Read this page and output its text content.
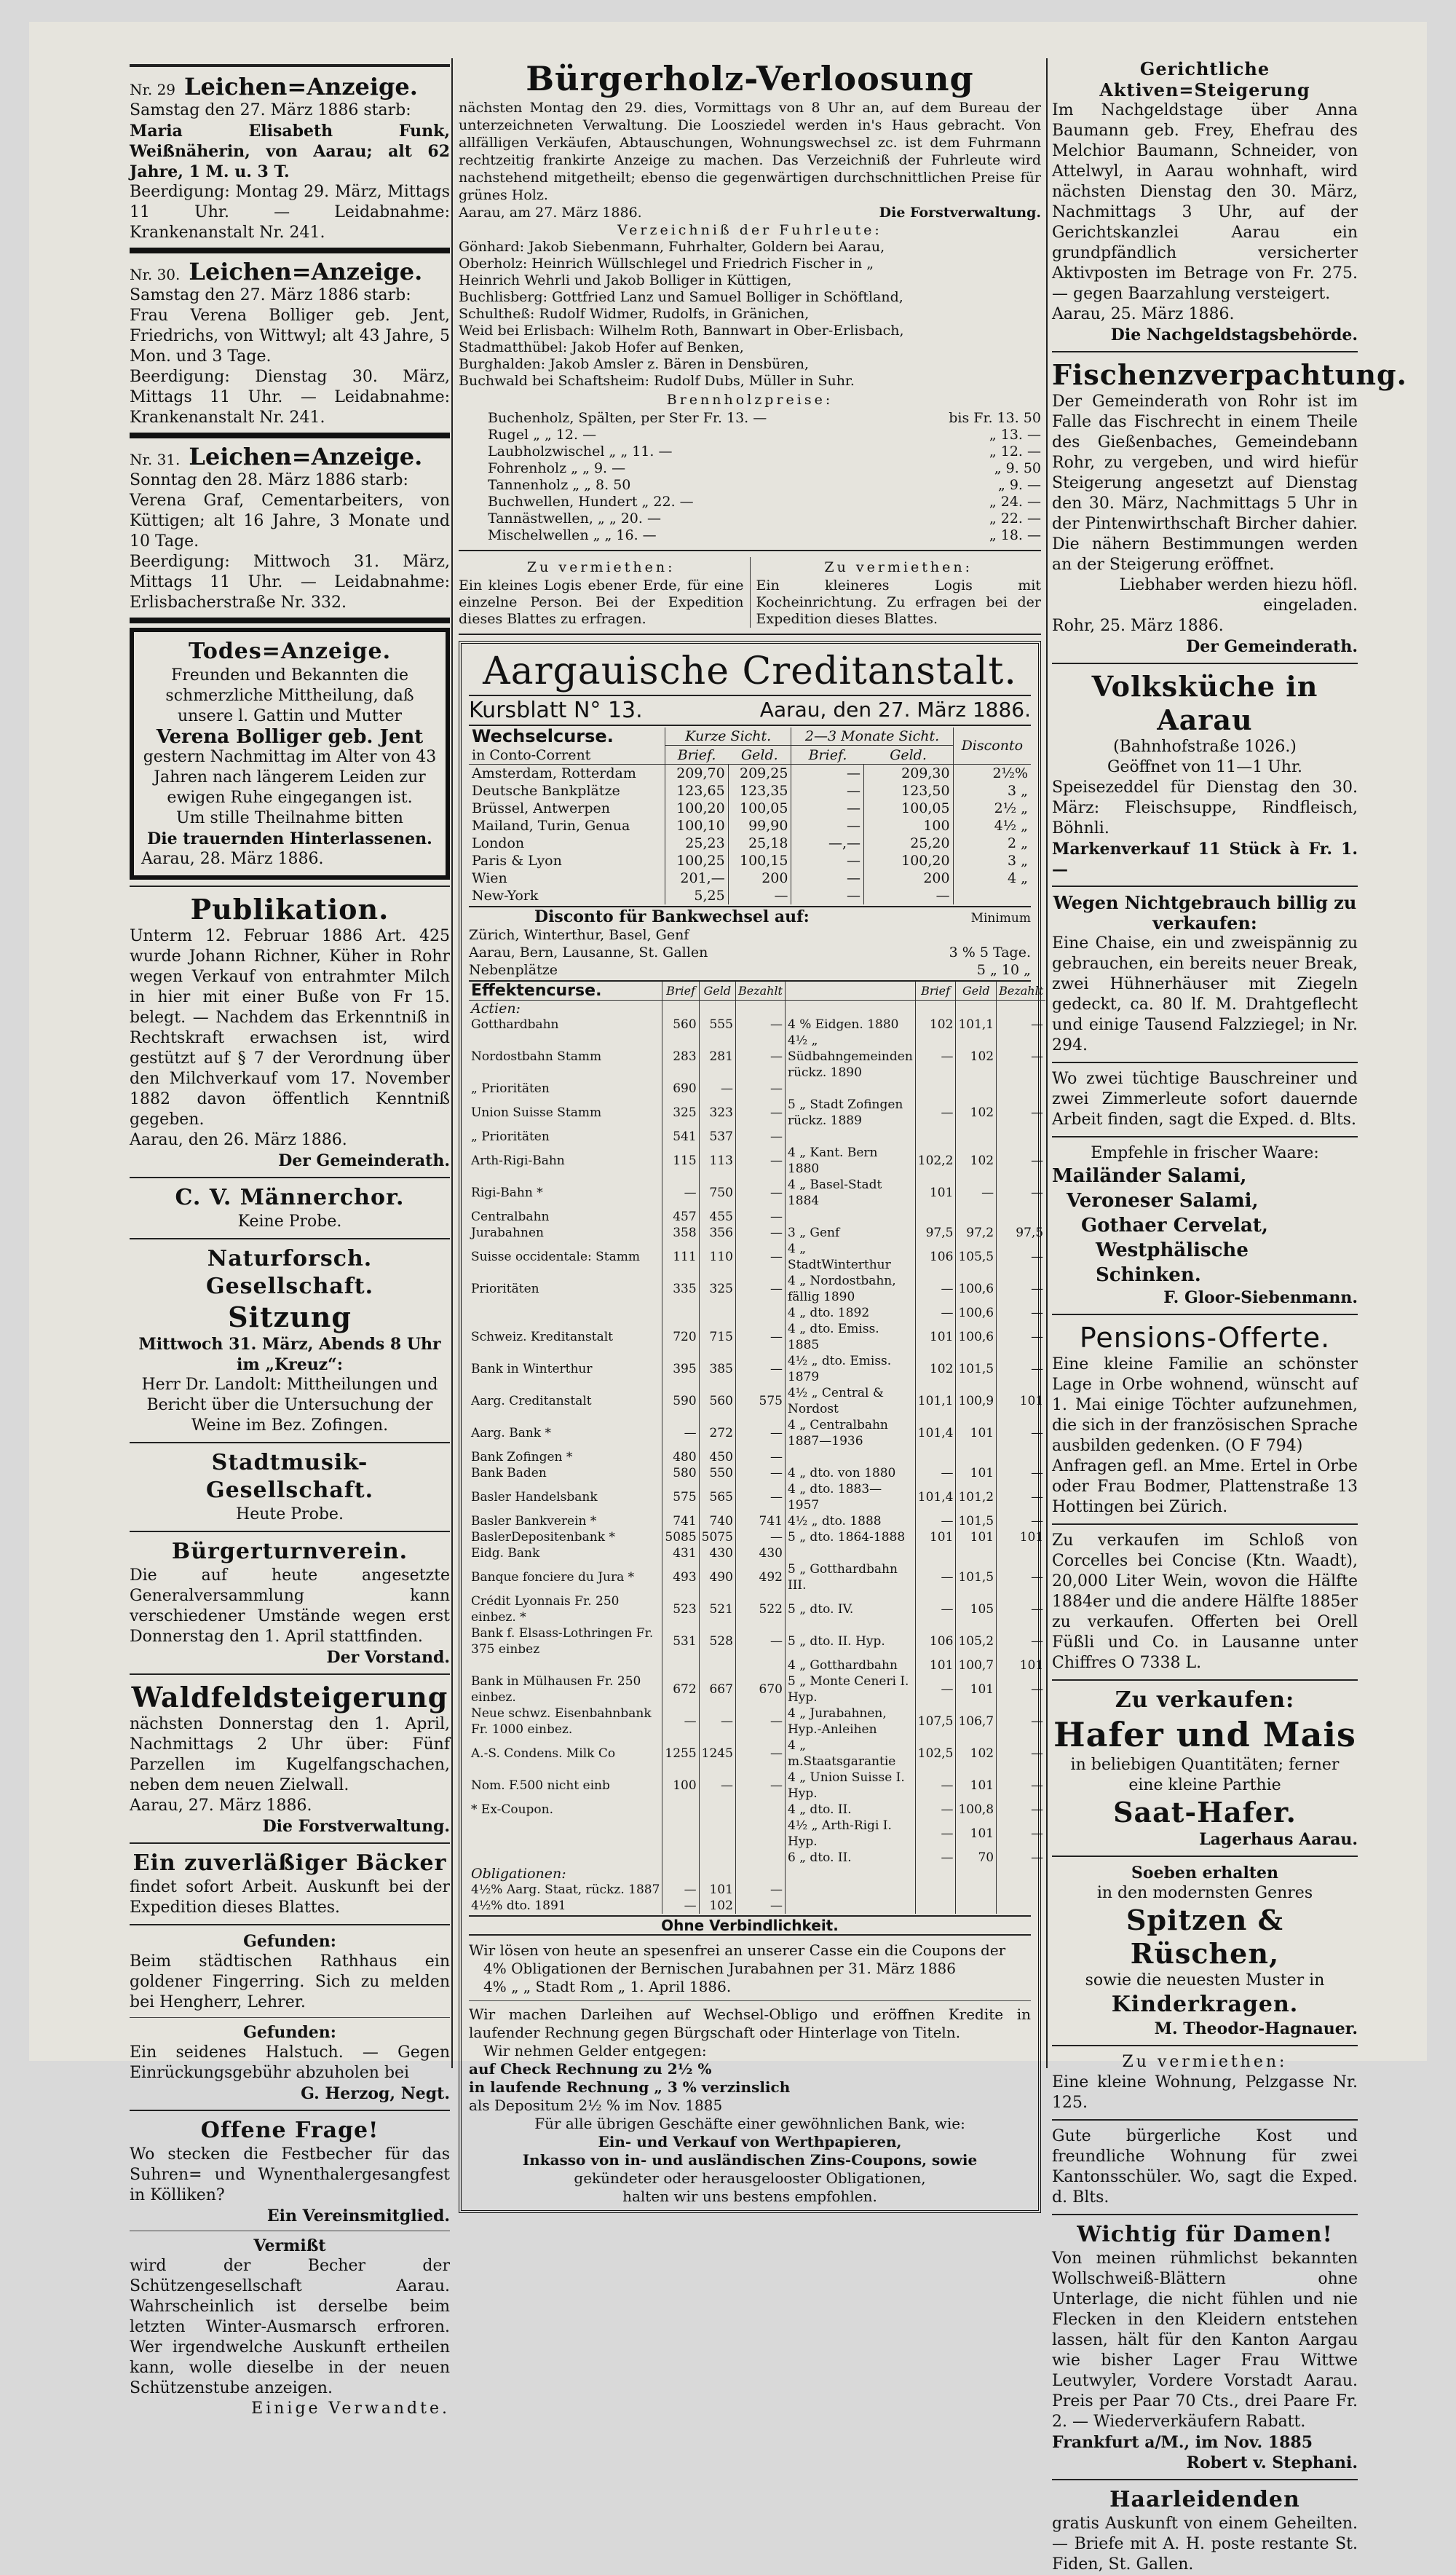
Nr. 29 Leichen=Anzeige.

Samstag den 27. März 1886 starb:

Maria Elisabeth Funk, Weißnäherin, von Aarau; alt 62 Jahre, 1 M. u. 3 T.

Beerdigung: Montag 29. März, Mittags 11 Uhr. — Leidabnahme: Krankenanstalt Nr. 241.

Nr. 30. Leichen=Anzeige.

Samstag den 27. März 1886 starb:

Frau Verena Bolliger geb. Jent, Friedrichs, von Wittwyl; alt 43 Jahre, 5 Mon. und 3 Tage.

Beerdigung: Dienstag 30. März, Mittags 11 Uhr. — Leidabnahme: Krankenanstalt Nr. 241.

Nr. 31. Leichen=Anzeige.

Sonntag den 28. März 1886 starb:

Verena Graf, Cementarbeiters, von Küttigen; alt 16 Jahre, 3 Monate und 10 Tage.

Beerdigung: Mittwoch 31. März, Mittags 11 Uhr. — Leidabnahme: Erlisbacherstraße Nr. 332.

Todes=Anzeige.

Freunden und Bekannten die schmerzliche Mittheilung, daß unsere l. Gattin und Mutter

Verena Bolliger geb. Jent

gestern Nachmittag im Alter von 43 Jahren nach längerem Leiden zur ewigen Ruhe eingegangen ist.

Um stille Theilnahme bitten

Die trauernden Hinterlassenen.

Aarau, 28. März 1886.

Publikation.

Unterm 12. Februar 1886 Art. 425 wurde Johann Richner, Küher in Rohr wegen Verkauf von entrahmter Milch in hier mit einer Buße von Fr 15. belegt. — Nachdem das Erkenntniß in Rechtskraft erwachsen ist, wird gestützt auf § 7 der Verordnung über den Milchverkauf vom 17. November 1882 davon öffentlich Kenntniß gegeben.

Aarau, den 26. März 1886.

Der Gemeinderath.

C. V. Männerchor.

Keine Probe.

Naturforsch. Gesellschaft.
Sitzung

Mittwoch 31. März, Abends 8 Uhr

im „Kreuz“:

Herr Dr. Landolt: Mittheilungen und Bericht über die Untersuchung der Weine im Bez. Zofingen.

Stadtmusik-Gesellschaft.

Heute Probe.

Bürgerturnverein.

Die auf heute angesetzte Generalversammlung kann verschiedener Umstände wegen erst Donnerstag den 1. April stattfinden.

Der Vorstand.

Waldfeldsteigerung

nächsten Donnerstag den 1. April, Nachmittags 2 Uhr über: Fünf Parzellen im Kugelfangschachen, neben dem neuen Zielwall.

Aarau, 27. März 1886.

Die Forstverwaltung.

Ein zuverläßiger Bäcker

findet sofort Arbeit. Auskunft bei der Expedition dieses Blattes.

Gefunden:

Beim städtischen Rathhaus ein goldener Fingerring. Sich zu melden bei Hengherr, Lehrer.

Gefunden:

Ein seidenes Halstuch. — Gegen Einrückungsgebühr abzuholen bei

G. Herzog, Negt.

Offene Frage!

Wo stecken die Festbecher für das Suhren= und Wynenthalergesangfest in Kölliken?

Ein Vereinsmitglied.

Vermißt

wird der Becher der Schützengesellschaft Aarau. Wahrscheinlich ist derselbe beim letzten Winter-Ausmarsch erfroren. Wer irgendwelche Auskunft ertheilen kann, wolle dieselbe in der neuen Schützenstube anzeigen.

Einige Verwandte.

Bürgerholz-Verloosung

nächsten Montag den 29. dies, Vormittags von 8 Uhr an, auf dem Bureau der unterzeichneten Verwaltung. Die Loosziedel werden in's Haus gebracht. Von allfälligen Verkäufen, Abtauschungen, Wohnungswechsel zc. ist dem Fuhrmann rechtzeitig frankirte Anzeige zu machen. Das Verzeichniß der Fuhrleute wird nachstehend mitgetheilt; ebenso die gegenwärtigen durchschnittlichen Preise für grünes Holz.

Aarau, am 27. März 1886.	Die Forstverwaltung.

Verzeichniß der Fuhrleute:

Gönhard: Jakob Siebenmann, Fuhrhalter, Goldern bei Aarau,

Oberholz: Heinrich Wüllschlegel und Friedrich Fischer in „

Heinrich Wehrli und Jakob Bolliger in Küttigen,

Buchlisberg: Gottfried Lanz und Samuel Bolliger in Schöftland,

Schultheß: Rudolf Widmer, Rudolfs, in Gränichen,

Weid bei Erlisbach: Wilhelm Roth, Bannwart in Ober-Erlisbach,

Stadmatthübel: Jakob Hofer auf Benken,

Burghalden: Jakob Amsler z. Bären in Densbüren,

Buchwald bei Schaftsheim: Rudolf Dubs, Müller in Suhr.

Brennholzpreise:
Buchenholz, Spälten, per Ster Fr. 13. —	bis Fr. 13. 50
Rugel „ „ 12. —	„ 13. —
Laubholzwischel „ „ 11. —	„ 12. —
Fohrenholz „ „ 9. —	„ 9. 50
Tannenholz „ „ 8. 50	„ 9. —
Buchwellen, Hundert „ 22. —	„ 24. —
Tannästwellen, „ „ 20. —	„ 22. —
Mischelwellen „ „ 16. —	„ 18. —

Zu vermiethen:

Ein kleines Logis ebener Erde, für eine einzelne Person. Bei der Expedition dieses Blattes zu erfragen.

Zu vermiethen:

Ein kleineres Logis mit Kocheinrichtung. Zu erfragen bei der Expedition dieses Blattes.

Aargauische Creditanstalt.
Kursblatt N° 13.	Aarau, den 27. März 1886.
Wechselcurse.
in Conto-Corrent	Kurze Sicht.		2—3 Monate Sicht.		Disconto
	Brief.	Geld.	Brief.	Geld.	
Amsterdam, Rotterdam	209,70	209,25	—	209,30	2½%
Deutsche Bankplätze	123,65	123,35	—	123,50	3 „
Brüssel, Antwerpen	100,20	100,05	—	100,05	2½ „
Mailand, Turin, Genua	100,10	99,90	—	100	4½ „
London	25,23	25,18	—,—	25,20	2 „
Paris & Lyon	100,25	100,15	—	100,20	3 „
Wien	201,—	200	—	200	4 „
New-York	5,25	—	—	—	
Disconto für Bankwechsel auf:	Minimum
Zürich, Winterthur, Basel, Genf
Aarau, Bern, Lausanne, St. Gallen	3 % 5 Tage.
Nebenplätze	5 „ 10 „
Effektencurse.	Brief	Geld	Bezahlt		Brief	Geld	Bezahlt
Actien:							
Gotthardbahn	560	555	—	4 % Eidgen. 1880	102	101,1	—
Nordostbahn Stamm	283	281	—	4½ „ Südbahngemeinden rückz. 1890	—	102	—
„ Prioritäten	690	—	—				
Union Suisse Stamm	325	323	—	5 „ Stadt Zofingen rückz. 1889	—	102	—
„ Prioritäten	541	537	—				
Arth-Rigi-Bahn	115	113	—	4 „ Kant. Bern 1880	102,2	102	—
Rigi-Bahn *	—	750	—	4 „ Basel-Stadt 1884	101	—	—
Centralbahn	457	455	—				
Jurabahnen	358	356	—	3 „ Genf	97,5	97,2	97,5
Suisse occidentale: Stamm	111	110	—	4 „ StadtWinterthur	106	105,5	—
Prioritäten	335	325	—	4 „ Nordostbahn, fällig 1890	—	100,6	—
				4 „ dto. 1892	—	100,6	—
Schweiz. Kreditanstalt	720	715	—	4 „ dto. Emiss. 1885	101	100,6	—
Bank in Winterthur	395	385	—	4½ „ dto. Emiss. 1879	102	101,5	—
Aarg. Creditanstalt	590	560	575	4½ „ Central & Nordost	101,1	100,9	101
Aarg. Bank *	—	272	—	4 „ Centralbahn 1887—1936	101,4	101	—
Bank Zofingen *	480	450	—				
Bank Baden	580	550	—	4 „ dto. von 1880	—	101	—
Basler Handelsbank	575	565	—	4 „ dto. 1883—1957	101,4	101,2	—
Basler Bankverein *	741	740	741	4½ „ dto. 1888	—	101,5	—
BaslerDepositenbank *	5085	5075	—	5 „ dto. 1864-1888	101	101	101
Eidg. Bank	431	430	430				
Banque fonciere du Jura *	493	490	492	5 „ Gotthardbahn III.	—	101,5	—
Crédit Lyonnais Fr. 250 einbez. *	523	521	522	5 „ dto. IV.	—	105	—
Bank f. Elsass-Lothringen Fr. 375 einbez	531	528	—	5 „ dto. II. Hyp.	106	105,2	—
				4 „ Gotthardbahn	101	100,7	101
Bank in Mülhausen Fr. 250 einbez.	672	667	670	5 „ Monte Ceneri I. Hyp.	—	101	—
Neue schwz. Eisenbahnbank Fr. 1000 einbez.	—	—	—	4 „ Jurabahnen, Hyp.-Anleihen	107,5	106,7	—
A.-S. Condens. Milk Co	1255	1245	—	4 „ m.Staatsgarantie	102,5	102	—
Nom. F.500 nicht einb	100	—	—	4 „ Union Suisse I. Hyp.	—	101	—
* Ex-Coupon.				4 „ dto. II.	—	100,8	—
				4½ „ Arth-Rigi I. Hyp.	—	101	—
				6 „ dto. II.	—	70	—
Obligationen:							
4½% Aarg. Staat, rückz. 1887	—	101	—				
4½% dto. 1891	—	102	—				
Ohne Verbindlichkeit.

Wir lösen von heute an spesenfrei an unserer Casse ein die Coupons der

4% Obligationen der Bernischen Jurabahnen per 31. März 1886

4% „ „ Stadt Rom „ 1. April 1886.

Wir machen Darleihen auf Wechsel-Obligo und eröffnen Kredite in laufender Rechnung gegen Bürgschaft oder Hinterlage von Titeln.

Wir nehmen Gelder entgegen:

auf Check Rechnung zu 2½ %

in laufende Rechnung „ 3 % verzinslich

als Depositum 2½ % im Nov. 1885

Für alle übrigen Geschäfte einer gewöhnlichen Bank, wie:

Ein- und Verkauf von Werthpapieren,

Inkasso von in- und ausländischen Zins-Coupons, sowie

gekündeter oder herausgelooster Obligationen,

halten wir uns bestens empfohlen.

Gerichtliche Aktiven=Steigerung

Im Nachgeldstage über Anna Baumann geb. Frey, Ehefrau des Melchior Baumann, Schneider, von Attelwyl, in Aarau wohnhaft, wird nächsten Dienstag den 30. März, Nachmittags 3 Uhr, auf der Gerichtskanzlei Aarau ein grundpfändlich versicherter Aktivposten im Betrage von Fr. 275. — gegen Baarzahlung versteigert.

Aarau, 25. März 1886.

Die Nachgeldstagsbehörde.

Fischenzverpachtung.

Der Gemeinderath von Rohr ist im Falle das Fischrecht in einem Theile des Gießenbaches, Gemeindebann Rohr, zu vergeben, und wird hiefür Steigerung angesetzt auf Dienstag den 30. März, Nachmittags 5 Uhr in der Pintenwirthschaft Bircher dahier. Die nähern Bestimmungen werden an der Steigerung eröffnet.

Liebhaber werden hiezu höfl. eingeladen.

Rohr, 25. März 1886.

Der Gemeinderath.

Volksküche in Aarau

(Bahnhofstraße 1026.)

Geöffnet von 11—1 Uhr.

Speisezeddel für Dienstag den 30. März: Fleischsuppe, Rindfleisch, Böhnli.

Markenverkauf 11 Stück à Fr. 1. —

Wegen Nichtgebrauch billig zu verkaufen:

Eine Chaise, ein und zweispännig zu gebrauchen, ein bereits neuer Break, zwei Hühnerhäuser mit Ziegeln gedeckt, ca. 80 lf. M. Drahtgeflecht und einige Tausend Falzziegel; in Nr. 294.

Wo zwei tüchtige Bauschreiner und zwei Zimmerleute sofort dauernde Arbeit finden, sagt die Exped. d. Blts.

Empfehle in frischer Waare:

Mailänder Salami,

Veroneser Salami,

Gothaer Cervelat,

Westphälische Schinken.

F. Gloor-Siebenmann.

Pensions-Offerte.

Eine kleine Familie an schönster Lage in Orbe wohnend, wünscht auf 1. Mai einige Töchter aufzunehmen, die sich in der französischen Sprache ausbilden gedenken. (O F 794)

Anfragen gefl. an Mme. Ertel in Orbe oder Frau Bodmer, Plattenstraße 13 Hottingen bei Zürich.

Zu verkaufen im Schloß von Corcelles bei Concise (Ktn. Waadt), 20,000 Liter Wein, wovon die Hälfte 1884er und die andere Hälfte 1885er zu verkaufen. Offerten bei Orell Füßli und Co. in Lausanne unter Chiffres O 7338 L.

Zu verkaufen:
Hafer und Mais

in beliebigen Quantitäten; ferner eine kleine Parthie

Saat-Hafer.

Lagerhaus Aarau.

Soeben erhalten

in den modernsten Genres

Spitzen & Rüschen,

sowie die neuesten Muster in

Kinderkragen.

M. Theodor-Hagnauer.

Zu vermiethen:

Eine kleine Wohnung, Pelzgasse Nr. 125.

Gute bürgerliche Kost und freundliche Wohnung für zwei Kantonsschüler. Wo, sagt die Exped. d. Blts.

Wichtig für Damen!

Von meinen rühmlichst bekannten Wollschweiß-Blättern ohne Unterlage, die nicht fühlen und nie Flecken in den Kleidern entstehen lassen, hält für den Kanton Aargau wie bisher Lager Frau Wittwe Leutwyler, Vordere Vorstadt Aarau. Preis per Paar 70 Cts., drei Paare Fr. 2. — Wiederverkäufern Rabatt.

Frankfurt a/M., im Nov. 1885

Robert v. Stephani.

Haarleidenden

gratis Auskunft von einem Geheilten. — Briefe mit A. H. poste restante St. Fiden, St. Gallen.
